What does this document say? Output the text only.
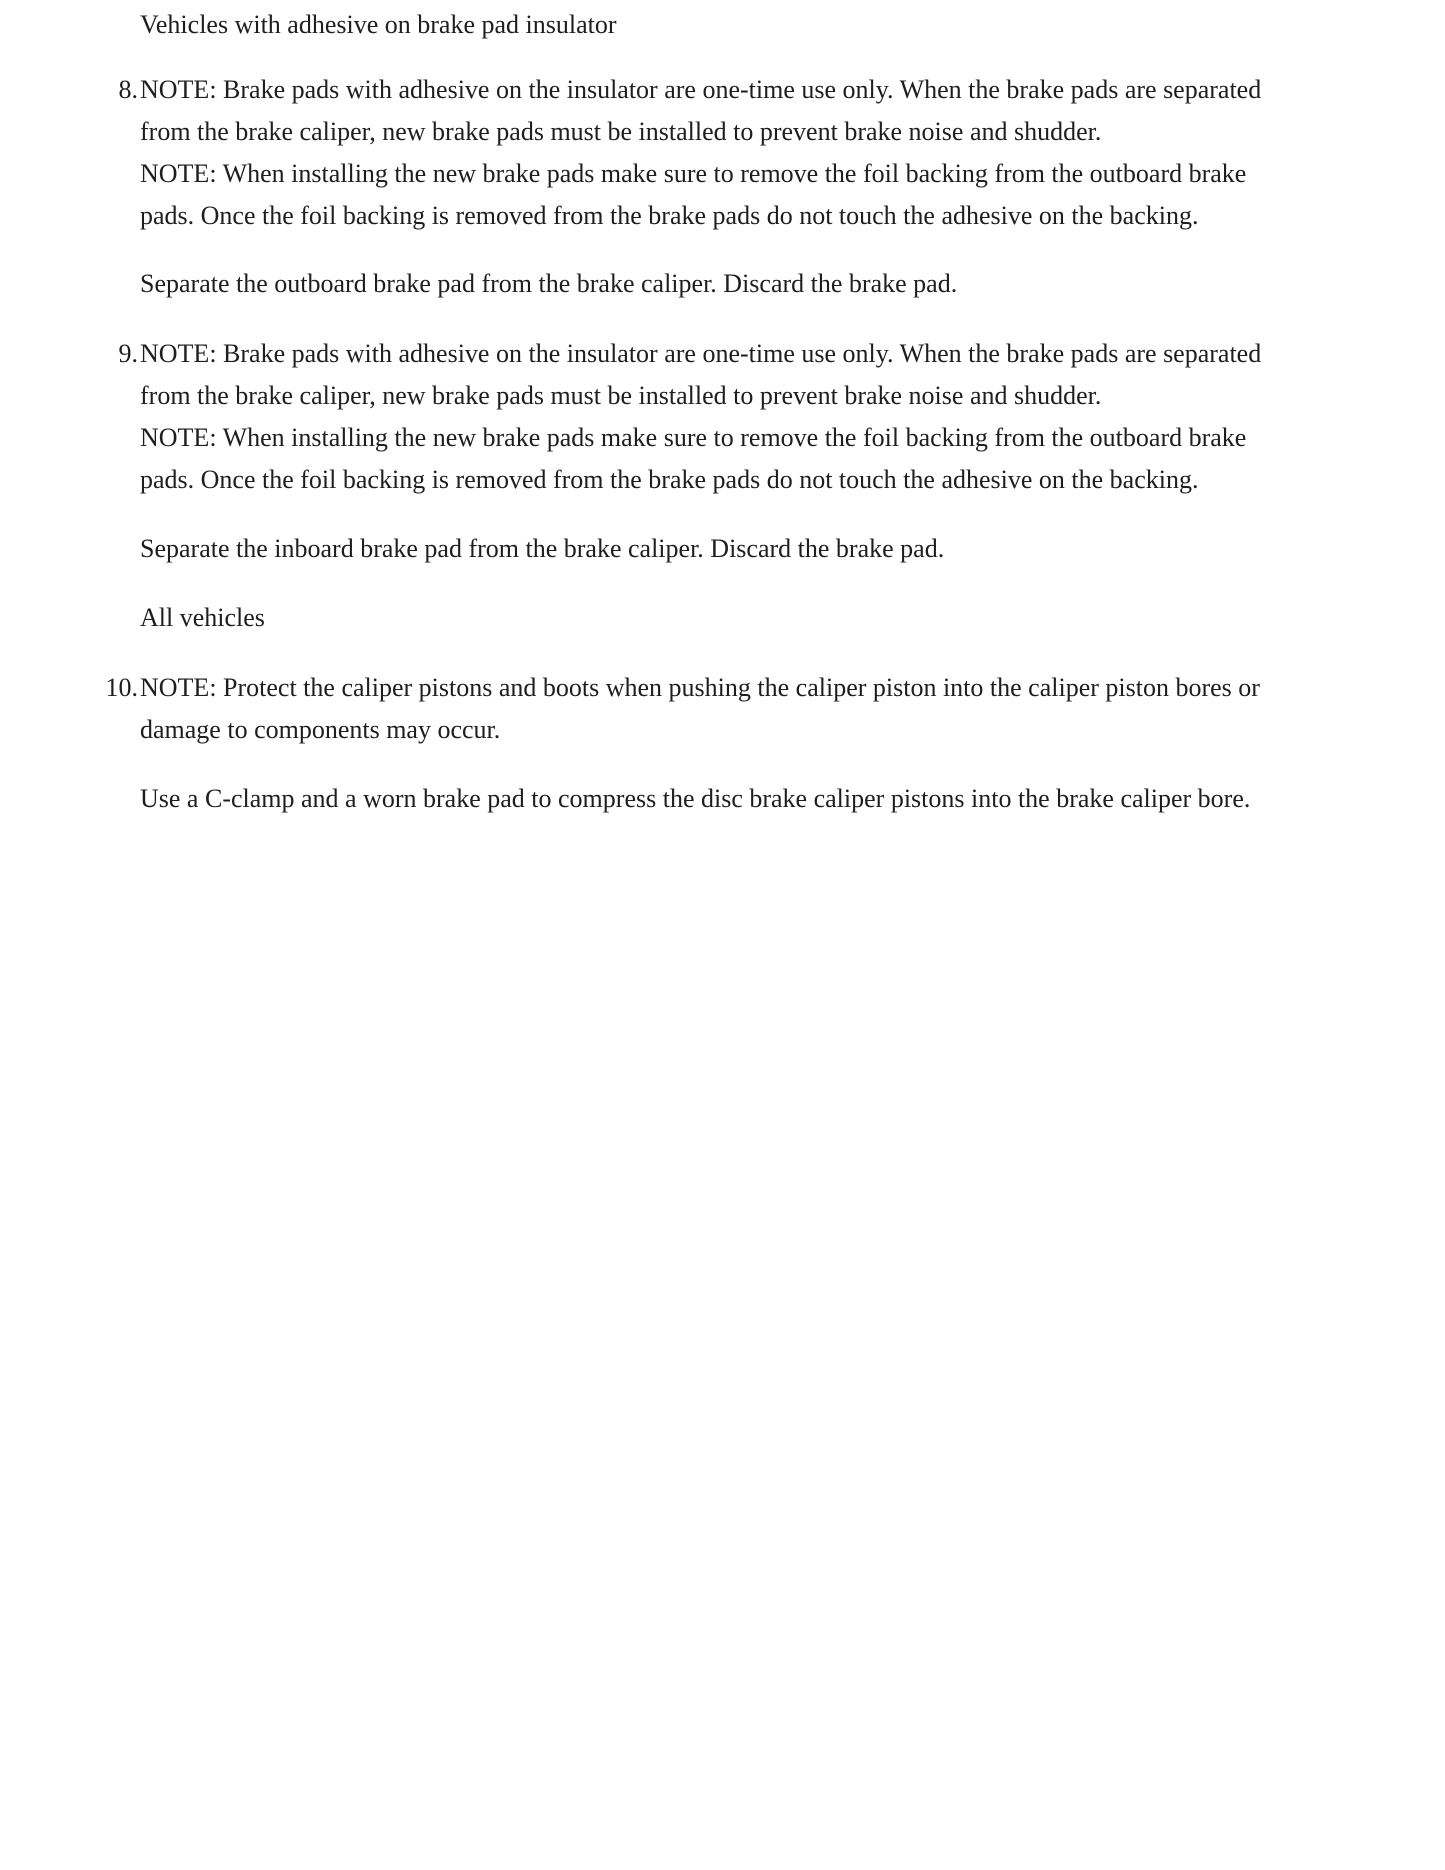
Vehicles with adhesive on brake pad insulator

8. NOTE: Brake pads with adhesive on the insulator are one-time use only. When the brake pads are separated
from the brake caliper, new brake pads must be installed to prevent brake noise and shudder.
NOTE: When installing the new brake pads make sure to remove the foil backing from the outboard brake
pads. Once the foil backing is removed from the brake pads do not touch the adhesive on the backing.

Separate the outboard brake pad from the brake caliper. Discard the brake pad.

9. NOTE: Brake pads with adhesive on the insulator are one-time use only. When the brake pads are separated
from the brake caliper, new brake pads must be installed to prevent brake noise and shudder.
NOTE: When installing the new brake pads make sure to remove the foil backing from the outboard brake
pads. Once the foil backing is removed from the brake pads do not touch the adhesive on the backing.

Separate the inboard brake pad from the brake caliper. Discard the brake pad.

All vehicles

10. NOTE: Protect the caliper pistons and boots when pushing the caliper piston into the caliper piston bores or
damage to components may occur.

Use a C-clamp and a worn brake pad to compress the disc brake caliper pistons into the brake caliper bore.
